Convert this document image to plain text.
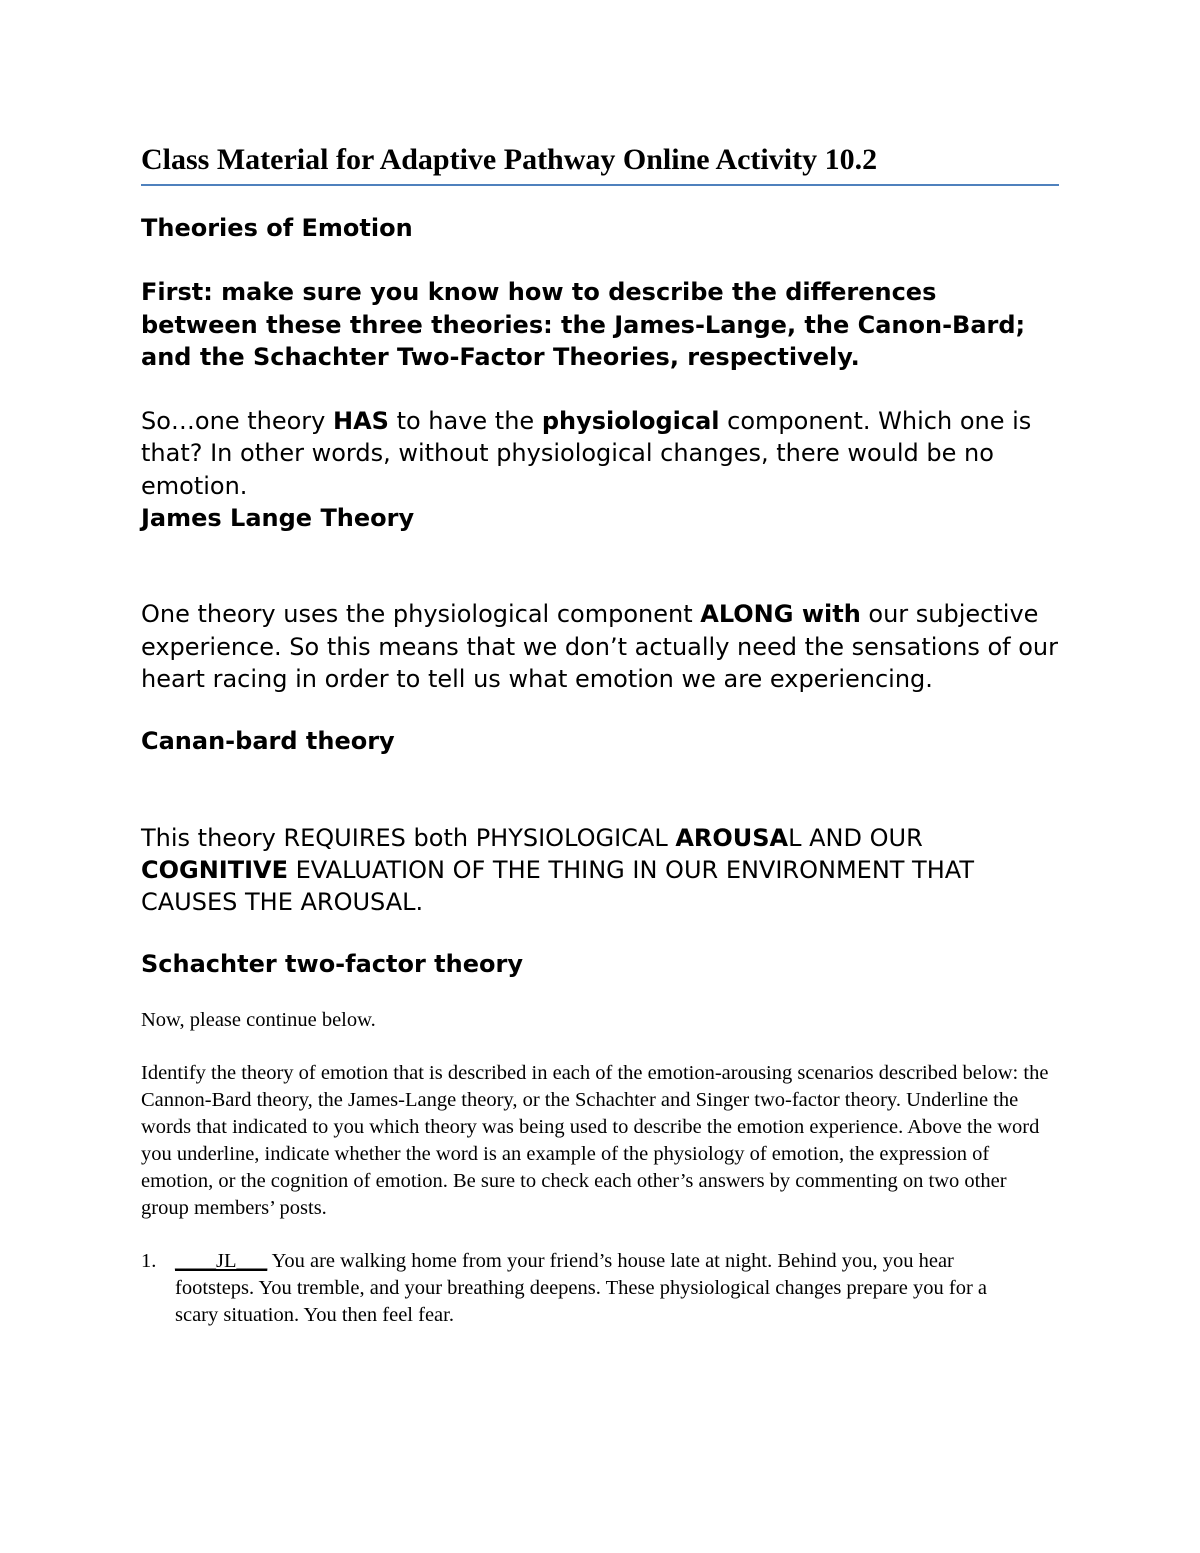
Class Material for Adaptive Pathway Online Activity 10.2

Theories of Emotion

First: make sure you know how to describe the differences between these three theories: the James-Lange, the Canon-Bard; and the Schachter Two-Factor Theories, respectively.

So…one theory HAS to have the physiological component. Which one is that? In other words, without physiological changes, there would be no emotion.

James Lange Theory

One theory uses the physiological component ALONG with our subjective experience. So this means that we don’t actually need the sensations of our heart racing in order to tell us what emotion we are experiencing.

Canan-bard theory

This theory REQUIRES both PHYSIOLOGICAL AROUSAL AND OUR COGNITIVE EVALUATION OF THE THING IN OUR ENVIRONMENT THAT CAUSES THE AROUSAL.

Schachter two-factor theory

Now, please continue below.

Identify the theory of emotion that is described in each of the emotion-arousing scenarios described below: the Cannon-Bard theory, the James-Lange theory, or the Schachter and Singer two-factor theory. Underline the words that indicated to you which theory was being used to describe the emotion experience. Above the word you underline, indicate whether the word is an example of the physiology of emotion, the expression of emotion, or the cognition of emotion. Be sure to check each other’s answers by commenting on two other group members’ posts.

1. ____JL___ You are walking home from your friend’s house late at night. Behind you, you hear footsteps. You tremble, and your breathing deepens. These physiological changes prepare you for a scary situation. You then feel fear.
